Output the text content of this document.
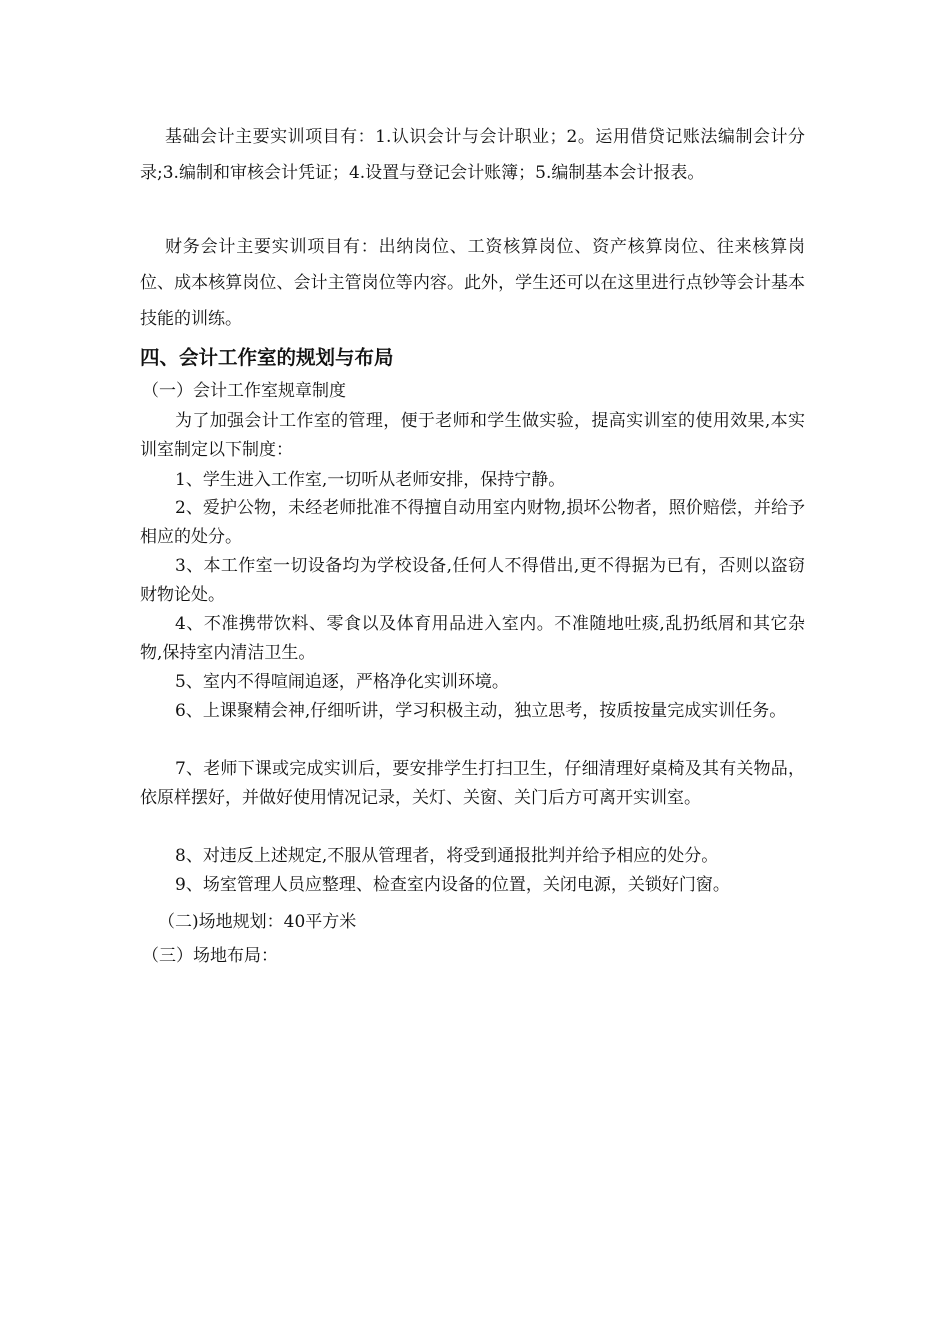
基础会计主要实训项目有：1.认识会计与会计职业；2。运用借贷记账法编制会计分录;3.编制和审核会计凭证；4.设置与登记会计账簿；5.编制基本会计报表。

财务会计主要实训项目有：出纳岗位、工资核算岗位、资产核算岗位、往来核算岗位、成本核算岗位、会计主管岗位等内容。此外，学生还可以在这里进行点钞等会计基本技能的训练。

四、会计工作室的规划与布局

（一）会计工作室规章制度

为了加强会计工作室的管理，便于老师和学生做实验，提高实训室的使用效果,本实训室制定以下制度：

1、学生进入工作室,一切听从老师安排，保持宁静。

2、爱护公物，未经老师批准不得擅自动用室内财物,损坏公物者，照价赔偿，并给予相应的处分。

3、本工作室一切设备均为学校设备,任何人不得借出,更不得据为已有，否则以盗窃财物论处。

4、不准携带饮料、零食以及体育用品进入室内。不准随地吐痰,乱扔纸屑和其它杂物,保持室内清洁卫生。

5、室内不得喧闹追逐，严格净化实训环境。

6、上课聚精会神,仔细听讲，学习积极主动，独立思考，按质按量完成实训任务。

7、老师下课或完成实训后，要安排学生打扫卫生，仔细清理好桌椅及其有关物品，依原样摆好，并做好使用情况记录，关灯、关窗、关门后方可离开实训室。

8、对违反上述规定,不服从管理者，将受到通报批判并给予相应的处分。

9、场室管理人员应整理、检查室内设备的位置，关闭电源，关锁好门窗。

（二)场地规划：40平方米

（三）场地布局：
